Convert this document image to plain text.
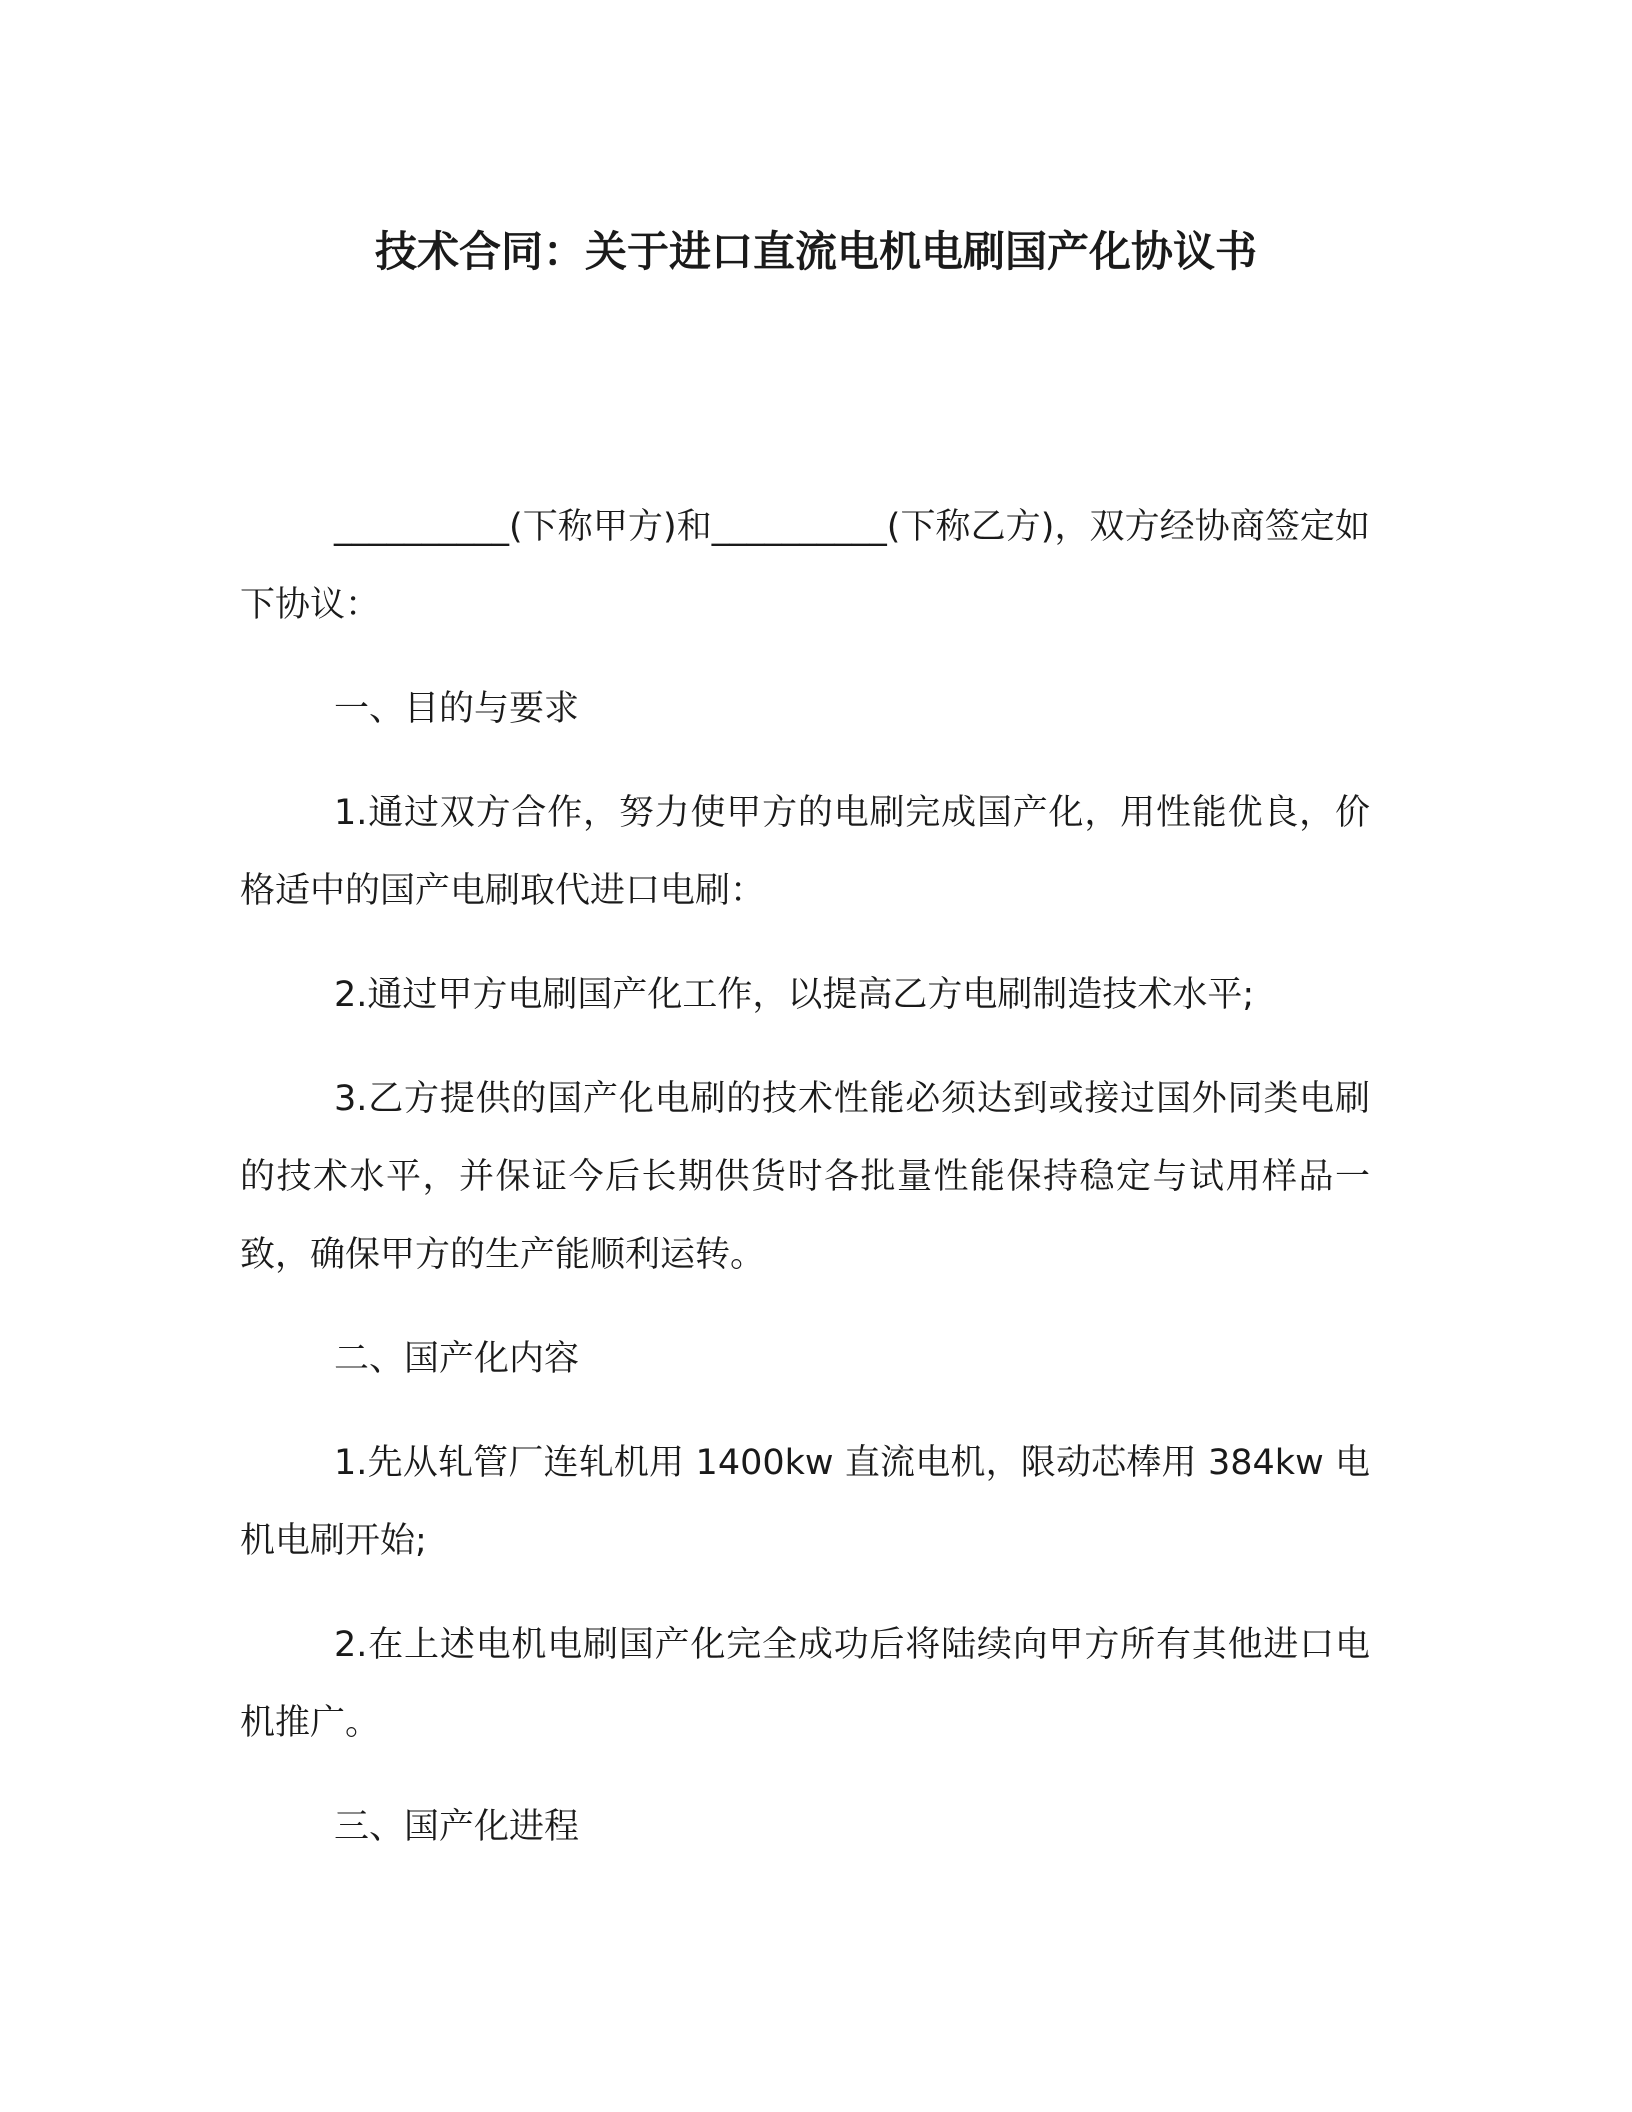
技术合同：关于进口直流电机电刷国产化协议书

__________(下称甲方)和__________(下称乙方)，双方经协商签定如下协议：

一、目的与要求

1.通过双方合作，努力使甲方的电刷完成国产化，用性能优良，价格适中的国产电刷取代进口电刷：

2.通过甲方电刷国产化工作，以提高乙方电刷制造技术水平;

3.乙方提供的国产化电刷的技术性能必须达到或接过国外同类电刷的技术水平，并保证今后长期供货时各批量性能保持稳定与试用样品一致，确保甲方的生产能顺利运转。

二、国产化内容

1.先从轧管厂连轧机用 1400kw 直流电机，限动芯棒用 384kw 电机电刷开始;

2.在上述电机电刷国产化完全成功后将陆续向甲方所有其他进口电机推广。

三、国产化进程
